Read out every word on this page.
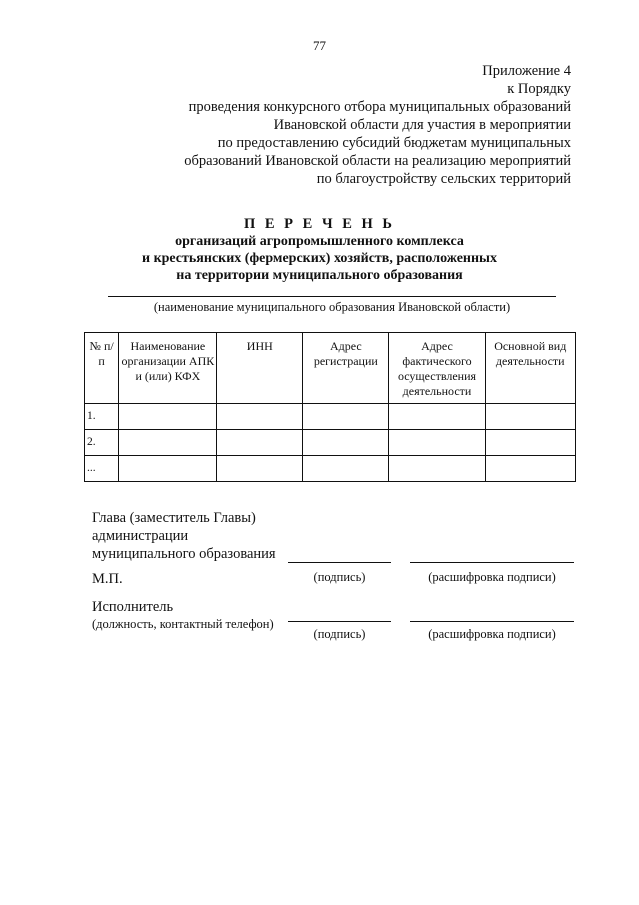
77
Приложение 4
к Порядку
проведения конкурсного отбора муниципальных образований
Ивановской области для участия в мероприятии
по предоставлению субсидий бюджетам муниципальных
образований Ивановской области на реализацию мероприятий
по благоустройству сельских территорий
П Е Р Е Ч Е Н Ь
организаций агропромышленного комплекса
и крестьянских (фермерских) хозяйств, расположенных
на территории муниципального образования
(наименование муниципального образования Ивановской области)
№ п/п	Наименование организации АПК и (или) КФХ	ИНН	Адрес регистрации	Адрес фактического осуществления деятельности	Основной вид деятельности
1.					
2.					
...					
Глава (заместитель Главы)
администрации
муниципального образования
М.П.	(подпись)	(расшифровка подписи)
Исполнитель
(должность, контактный телефон)
(подпись)	(расшифровка подписи)
